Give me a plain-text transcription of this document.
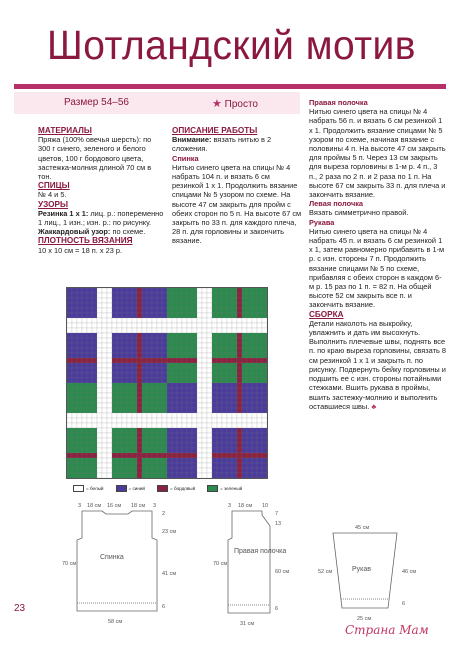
Шотландский мотив
Размер 54–56	★ Просто

МАТЕРИАЛЫ

Пряжа (100% овечья шерсть): по 300 г синего, зеленого и белого цветов, 100 г бордового цвета, застежка-молния длиной 70 см в тон.

СПИЦЫ

№ 4 и 5.

УЗОРЫ

Резинка 1 х 1: лиц. р.: попеременно 1 лиц., 1 изн.; изн. р.: по рисунку.

Жаккардовый узор: по схеме.

ПЛОТНОСТЬ ВЯЗАНИЯ

10 х 10 см = 18 п. х 23 р.

ОПИСАНИЕ РАБОТЫ

Внимание: вязать нитью в 2 сложения.

Спинка

Нитью синего цвета на спицы № 4 набрать 104 п. и вязать 6 см резинкой 1 х 1. Продолжить вязание спицами № 5 узором по схеме. На высоте 47 см закрыть для пройм с обеих сторон по 5 п. На высоте 67 см закрыть по 33 п. для каждого плеча, 28 п. для горловины и закончить вязание.

Правая полочка

Нитью синего цвета на спицы № 4 набрать 56 п. и вязать 6 см резинкой 1 х 1. Продолжить вязание спицами № 5 узором по схеме, начиная вязание с половины 4 п. На высоте 47 см закрыть для проймы 5 п. Через 13 см закрыть для выреза горловины в 1-м р. 4 п., 3 п., 2 раза по 2 п. и 2 раза по 1 п. На высоте 67 см закрыть 33 п. для плеча и закончить вязание.

Левая полочка

Вязать симметрично правой.

Рукава

Нитью синего цвета на спицы № 4 набрать 45 п. и вязать 6 см резинкой 1 х 1, затем равномерно прибавить в 1-м р. с изн. стороны 7 п. Продолжить вязание спицами № 5 по схеме, прибавляя с обеих сторон в каждом 6-м р. 15 раз по 1 п. = 82 п. На общей высоте 52 см закрыть все п. и закончить вязание.

СБОРКА

Детали наколоть на выкройку, увлажнить и дать им высохнуть. Выполнить плечевые швы, поднять все п. по краю выреза горловины, связать 8 см резинкой 1 х 1 и закрыть п. по рисунку. Подвернуть бейку горловины и подшить ее с изн. стороны потайными стежками. Вшить рукава в проймы, вшить застежку-молнию и выполнить оставшиеся швы. ♣

= белый	= синий	= бордовый	= зеленый
Спинка
3 18 см 16 см 18 см 3
2
23 см
41 см
6
70 см
58 см
Правая полочка
3 18 см 10
7
13
60 см
6
70 см
31 см
Рукав
45 см
52 см	46 см
6
25 см
23
Страна Мам
